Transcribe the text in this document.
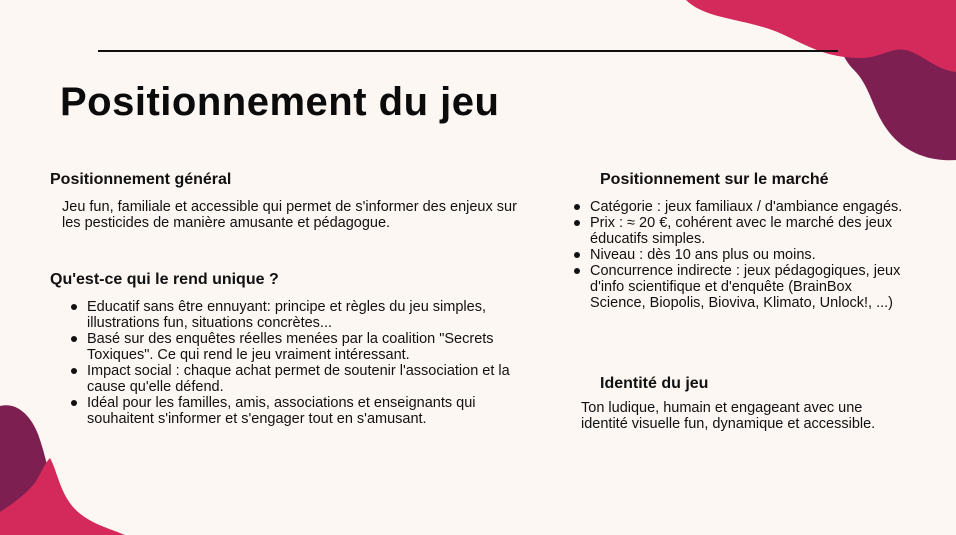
Positionnement du jeu
Positionnement général

Jeu fun, familiale et accessible qui permet de s'informer des enjeux sur les pesticides de manière amusante et pédagogue.

Qu'est-ce qui le rend unique ?
Educatif sans être ennuyant: principe et règles du jeu simples, illustrations fun, situations concrètes...
Basé sur des enquêtes réelles menées par la coalition "Secrets Toxiques". Ce qui rend le jeu vraiment intéressant.
Impact social : chaque achat permet de soutenir l'association et la cause qu'elle défend.
Idéal pour les familles, amis, associations et enseignants qui souhaitent s'informer et s'engager tout en s'amusant.
Positionnement sur le marché
Catégorie : jeux familiaux / d'ambiance engagés.
Prix : ≈ 20 €, cohérent avec le marché des jeux éducatifs simples.
Niveau : dès 10 ans plus ou moins.
Concurrence indirecte : jeux pédagogiques, jeux d'info scientifique et d'enquête (BrainBox Science, Biopolis, Bioviva, Klimato, Unlock!, ...)
Identité du jeu

Ton ludique, humain et engageant avec une identité visuelle fun, dynamique et accessible.
